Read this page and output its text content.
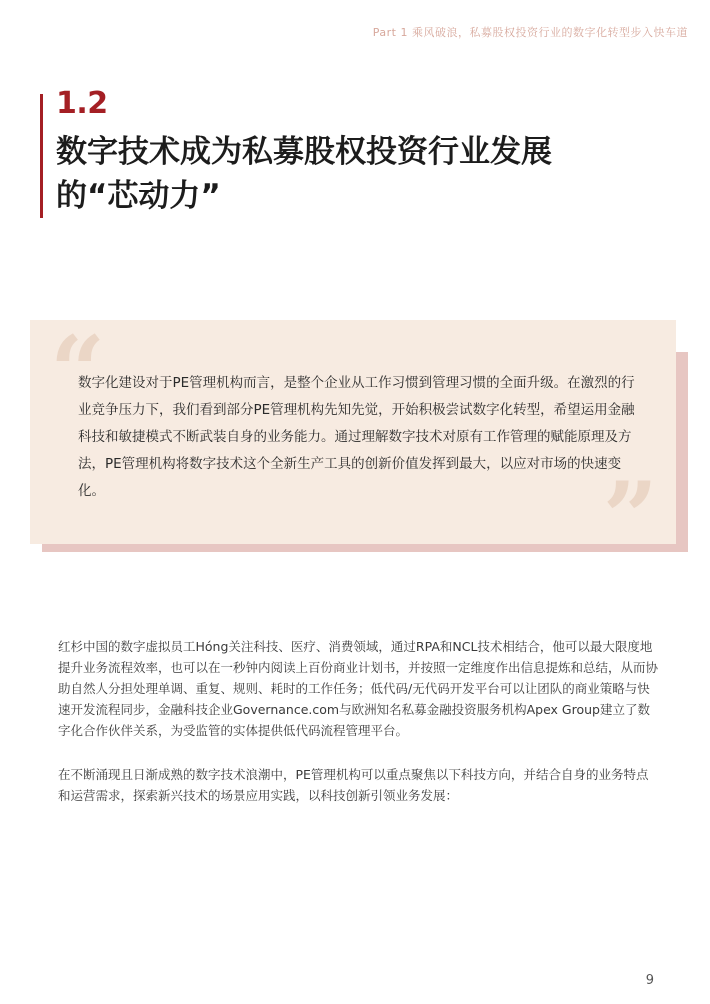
Part 1 乘风破浪，私募股权投资行业的数字化转型步入快车道
1.2
数字技术成为私募股权投资行业发展的“芯动力”
“

数字化建设对于PE管理机构而言，是整个企业从工作习惯到管理习惯的全面升级。在激烈的行业竞争压力下，我们看到部分PE管理机构先知先觉，开始积极尝试数字化转型，希望运用金融科技和敏捷模式不断武装自身的业务能力。通过理解数字技术对原有工作管理的赋能原理及方法，PE管理机构将数字技术这个全新生产工具的创新价值发挥到最大，以应对市场的快速变化。	”

红杉中国的数字虚拟员工Hóng关注科技、医疗、消费领域，通过RPA和NCL技术相结合，他可以最大限度地提升业务流程效率，也可以在一秒钟内阅读上百份商业计划书，并按照一定维度作出信息提炼和总结，从而协助自然人分担处理单调、重复、规则、耗时的工作任务；低代码/无代码开发平台可以让团队的商业策略与快速开发流程同步，金融科技企业Governance.com与欧洲知名私募金融投资服务机构Apex Group建立了数字化合作伙伴关系，为受监管的实体提供低代码流程管理平台。

在不断涌现且日渐成熟的数字技术浪潮中，PE管理机构可以重点聚焦以下科技方向，并结合自身的业务特点和运营需求，探索新兴技术的场景应用实践，以科技创新引领业务发展：

9
